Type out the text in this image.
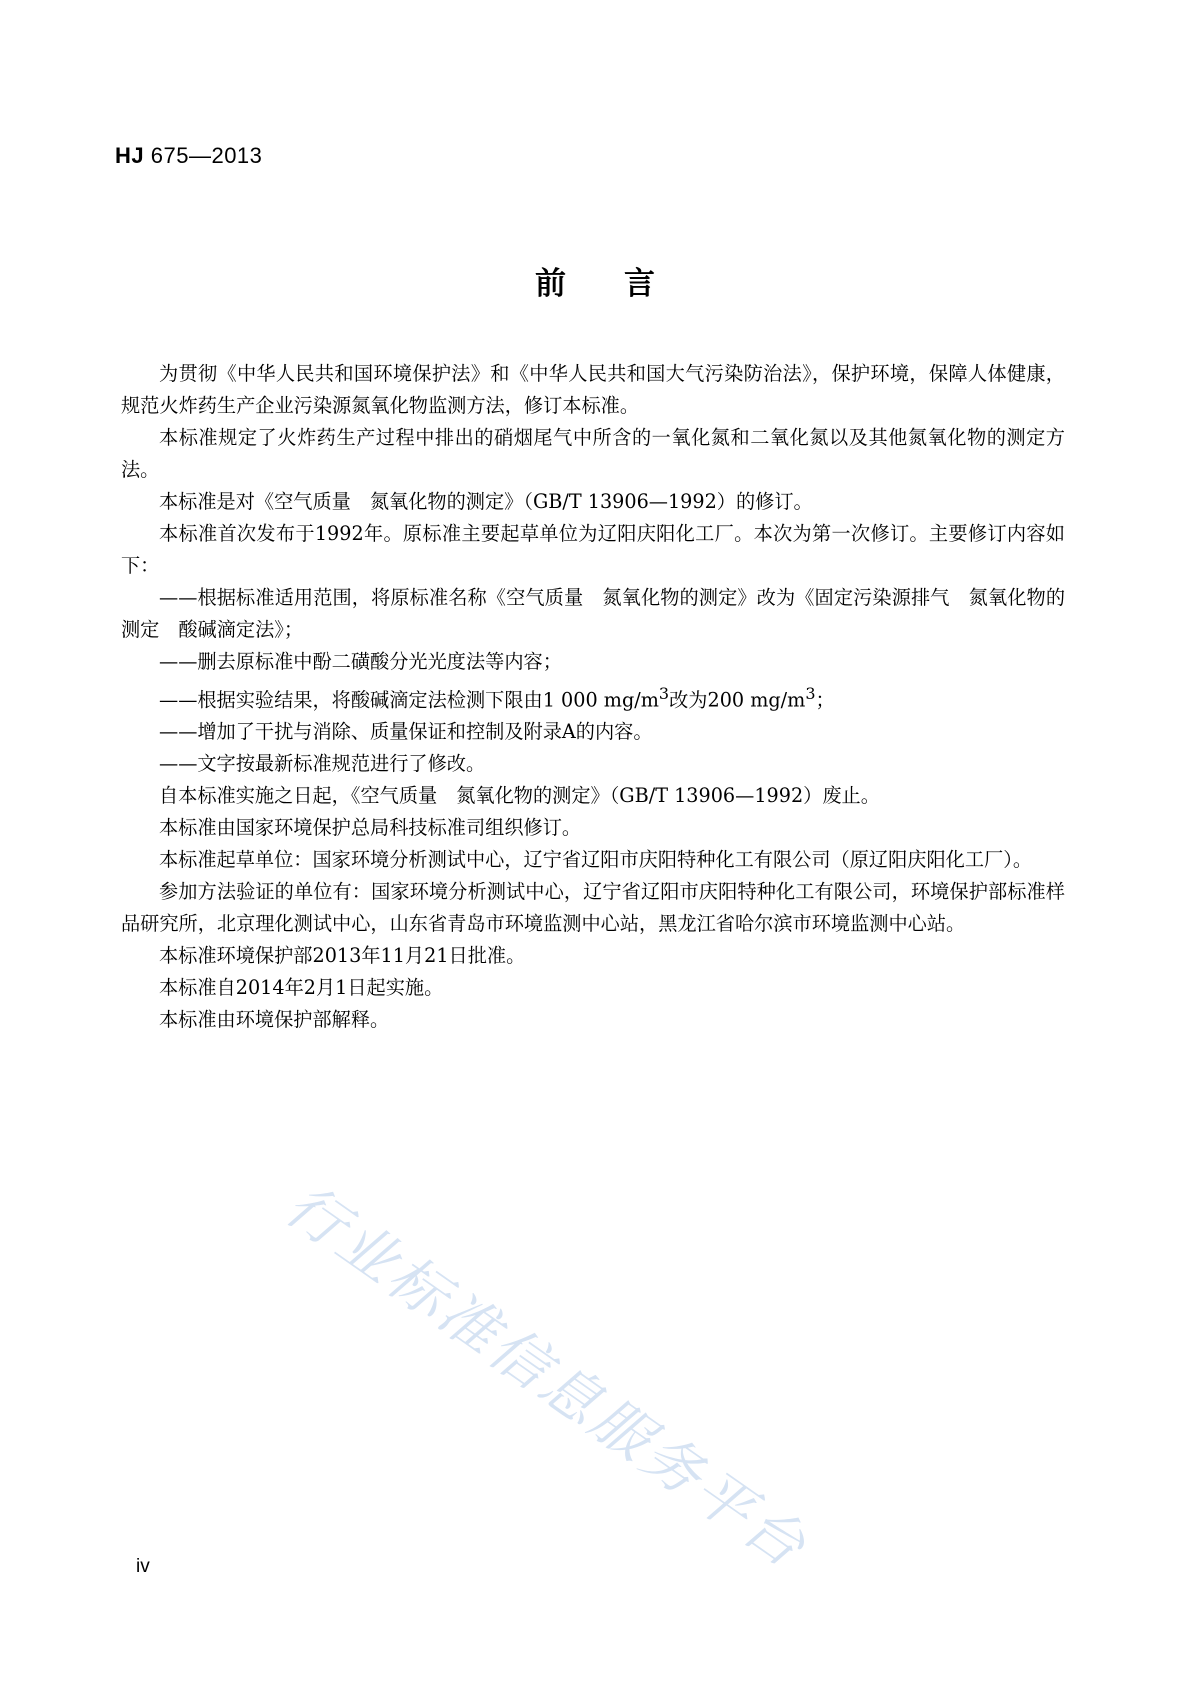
HJ 675—2013
前言

为贯彻《中华人民共和国环境保护法》和《中华人民共和国大气污染防治法》，保护环境，保障人体健康，规范火炸药生产企业污染源氮氧化物监测方法，修订本标准。

本标准规定了火炸药生产过程中排出的硝烟尾气中所含的一氧化氮和二氧化氮以及其他氮氧化物的测定方法。

本标准是对《空气质量 氮氧化物的测定》（GB/T 13906—1992）的修订。

本标准首次发布于1992年。原标准主要起草单位为辽阳庆阳化工厂。本次为第一次修订。主要修订内容如下：

——根据标准适用范围，将原标准名称《空气质量 氮氧化物的测定》改为《固定污染源排气 氮氧化物的测定 酸碱滴定法》；

——删去原标准中酚二磺酸分光光度法等内容；

——根据实验结果，将酸碱滴定法检测下限由1 000 $mg/m^3$改为200 $mg/m^3$；

——增加了干扰与消除、质量保证和控制及附录A的内容。

——文字按最新标准规范进行了修改。

自本标准实施之日起，《空气质量 氮氧化物的测定》（GB/T 13906—1992）废止。

本标准由国家环境保护总局科技标准司组织修订。

本标准起草单位：国家环境分析测试中心，辽宁省辽阳市庆阳特种化工有限公司（原辽阳庆阳化工厂）。

参加方法验证的单位有：国家环境分析测试中心，辽宁省辽阳市庆阳特种化工有限公司，环境保护部标准样品研究所，北京理化测试中心，山东省青岛市环境监测中心站，黑龙江省哈尔滨市环境监测中心站。

本标准环境保护部2013年11月21日批准。

本标准自2014年2月1日起实施。

本标准由环境保护部解释。

行业标准信息服务平台
iv
